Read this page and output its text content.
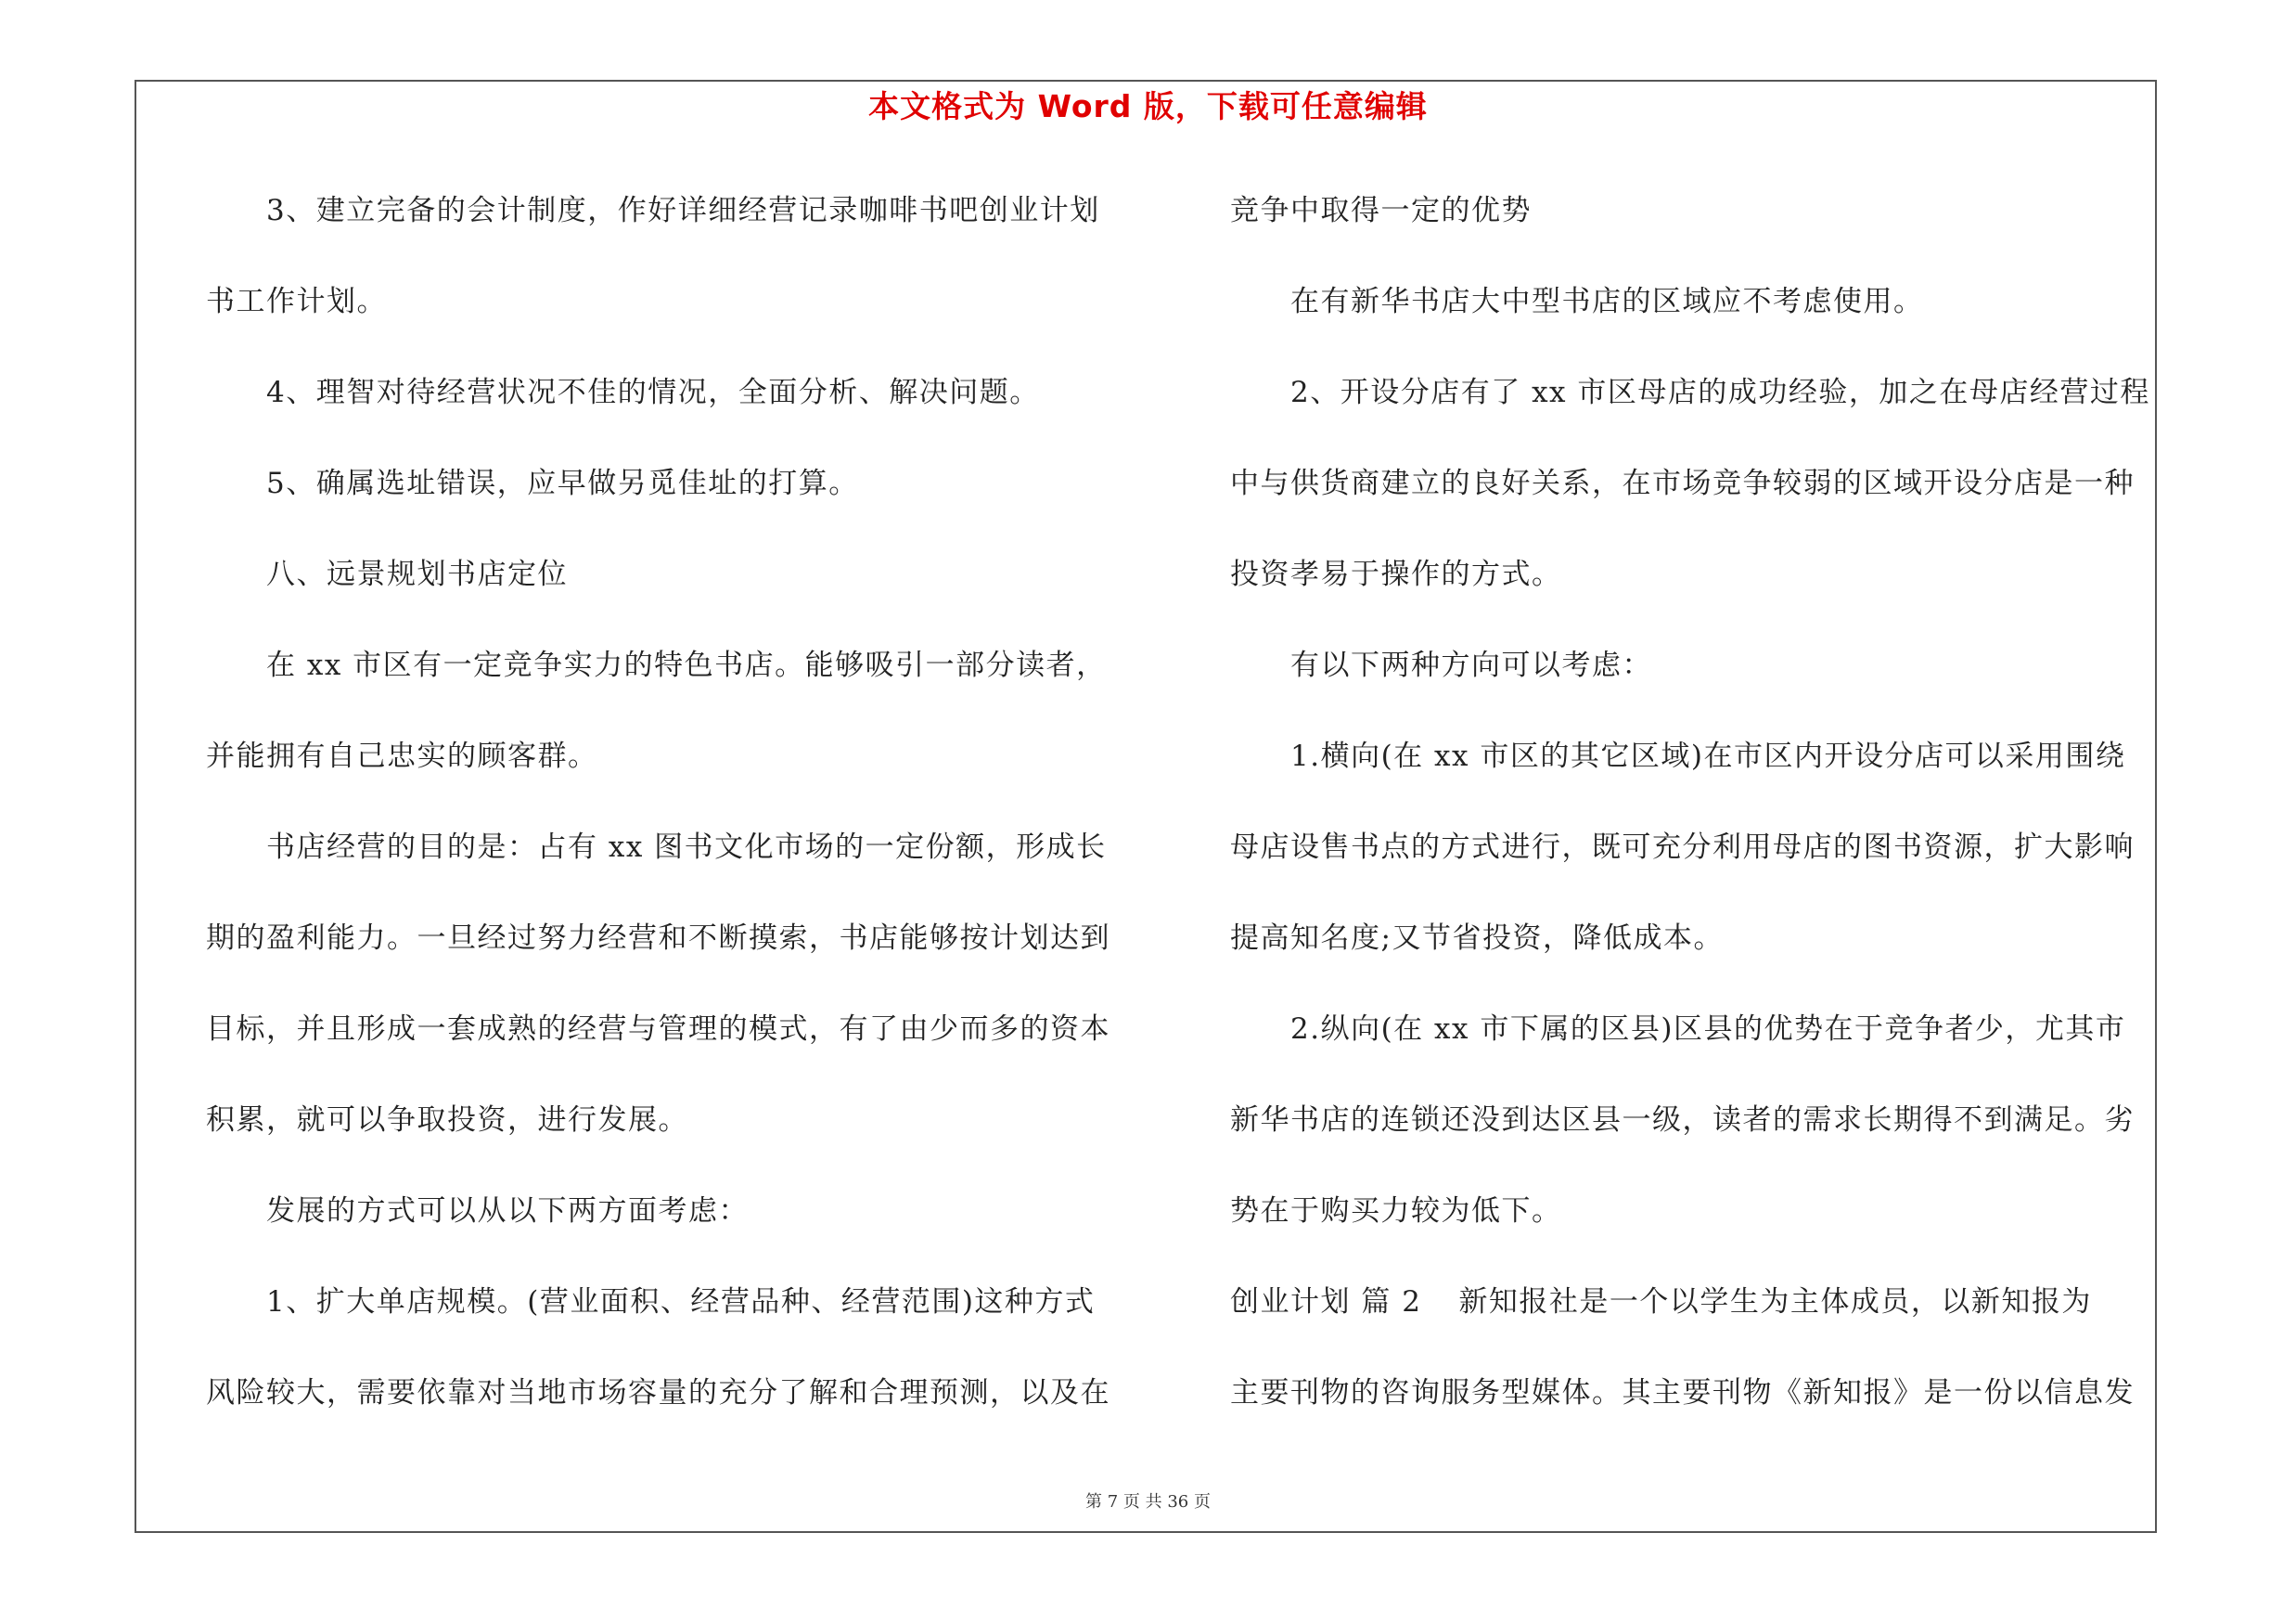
本文格式为 Word 版，下载可任意编辑
3、建立完备的会计制度，作好详细经营记录咖啡书吧创业计划
书工作计划。
4、理智对待经营状况不佳的情况，全面分析、解决问题。
5、确属选址错误，应早做另觅佳址的打算。
八、远景规划书店定位
在 xx 市区有一定竞争实力的特色书店。能够吸引一部分读者，
并能拥有自己忠实的顾客群。
书店经营的目的是：占有 xx 图书文化市场的一定份额，形成长
期的盈利能力。一旦经过努力经营和不断摸索，书店能够按计划达到
目标，并且形成一套成熟的经营与管理的模式，有了由少而多的资本
积累，就可以争取投资，进行发展。
发展的方式可以从以下两方面考虑：
1、扩大单店规模。(营业面积、经营品种、经营范围)这种方式
风险较大，需要依靠对当地市场容量的充分了解和合理预测，以及在
竞争中取得一定的优势
在有新华书店大中型书店的区域应不考虑使用。
2、开设分店有了 xx 市区母店的成功经验，加之在母店经营过程
中与供货商建立的良好关系，在市场竞争较弱的区域开设分店是一种
投资孝易于操作的方式。
有以下两种方向可以考虑：
1.横向(在 xx 市区的其它区域)在市区内开设分店可以采用围绕
母店设售书点的方式进行，既可充分利用母店的图书资源，扩大影响
提高知名度;又节省投资，降低成本。
2.纵向(在 xx 市下属的区县)区县的优势在于竞争者少，尤其市
新华书店的连锁还没到达区县一级，读者的需求长期得不到满足。劣
势在于购买力较为低下。
创业计划 篇 2 新知报社是一个以学生为主体成员，以新知报为
主要刊物的咨询服务型媒体。其主要刊物《新知报》是一份以信息发
第 7 页 共 36 页
